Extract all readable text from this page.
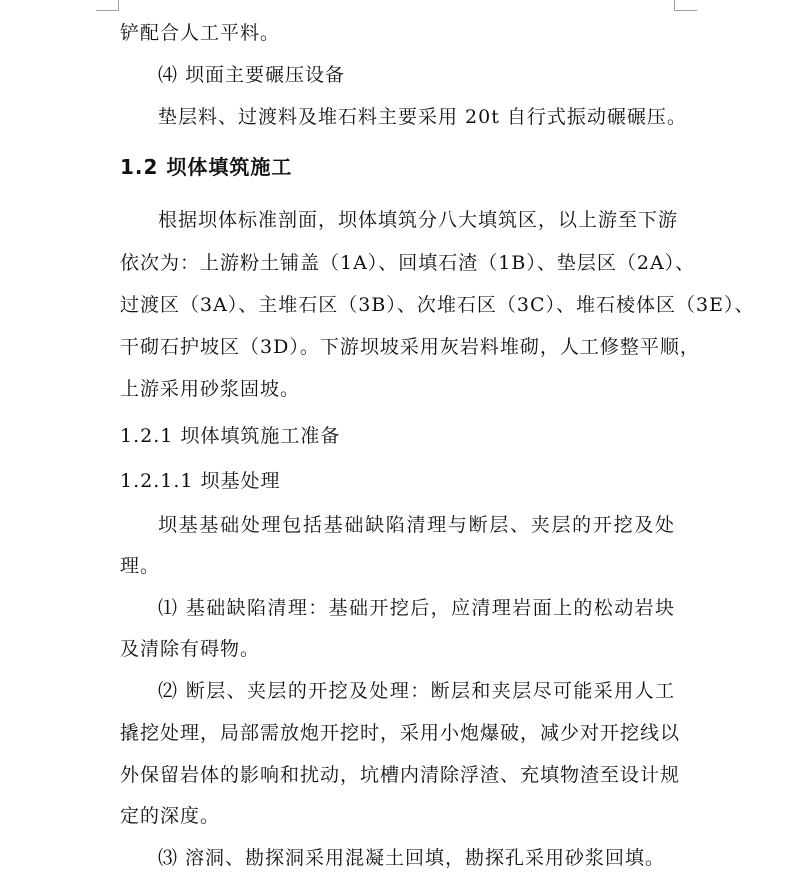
铲配合人工平料。
⑷ 坝面主要碾压设备
垫层料、过渡料及堆石料主要采用 20t 自行式振动碾碾压。
1.2 坝体填筑施工
根据坝体标准剖面，坝体填筑分八大填筑区，以上游至下游
依次为：上游粉土铺盖（1A）、回填石渣（1B）、垫层区（2A）、
过渡区（3A）、主堆石区（3B）、次堆石区（3C）、堆石棱体区（3E）、
干砌石护坡区（3D）。下游坝坡采用灰岩料堆砌，人工修整平顺，
上游采用砂浆固坡。
1.2.1 坝体填筑施工准备
1.2.1.1 坝基处理
坝基基础处理包括基础缺陷清理与断层、夹层的开挖及处
理。
⑴ 基础缺陷清理：基础开挖后，应清理岩面上的松动岩块
及清除有碍物。
⑵ 断层、夹层的开挖及处理：断层和夹层尽可能采用人工
撬挖处理，局部需放炮开挖时，采用小炮爆破，减少对开挖线以
外保留岩体的影响和扰动，坑槽内清除浮渣、充填物渣至设计规
定的深度。
⑶ 溶洞、勘探洞采用混凝土回填，勘探孔采用砂浆回填。
